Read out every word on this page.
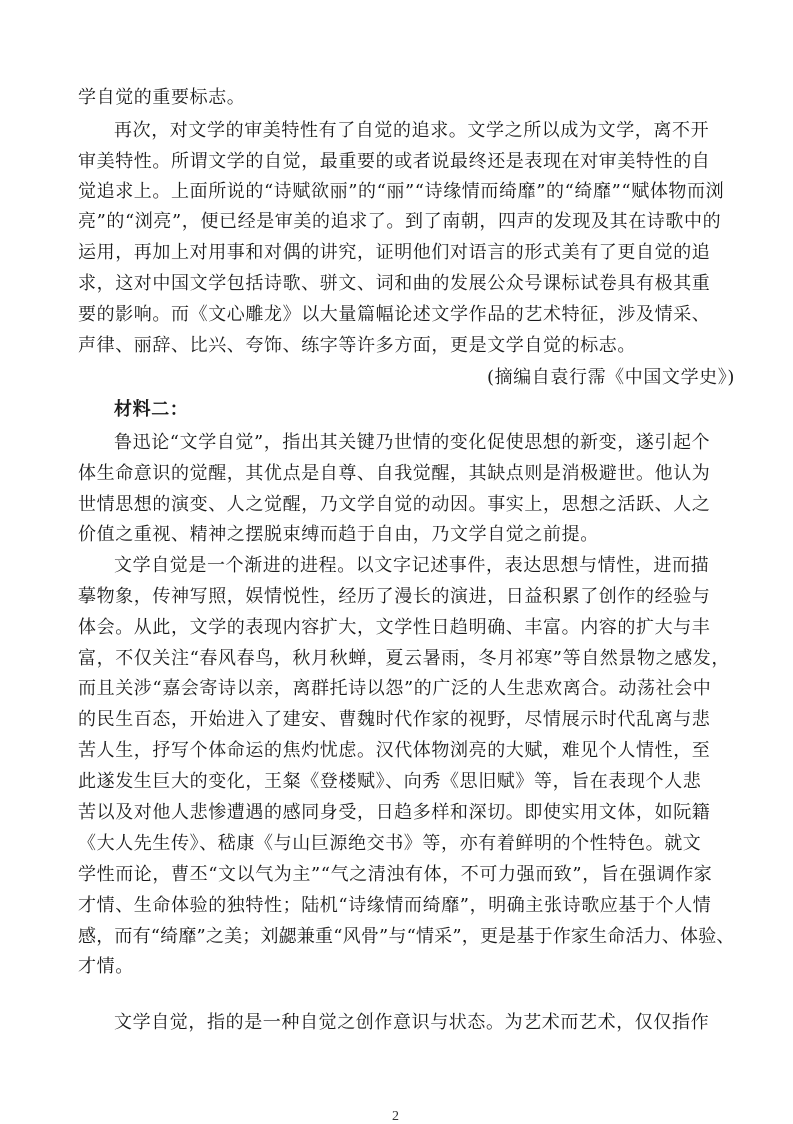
学自觉的重要标志。
再次，对文学的审美特性有了自觉的追求。文学之所以成为文学，离不开
审美特性。所谓文学的自觉，最重要的或者说最终还是表现在对审美特性的自
觉追求上。上面所说的“诗赋欲丽”的“丽”“诗缘情而绮靡”的“绮靡”“赋体物而浏
亮”的“浏亮”，便已经是审美的追求了。到了南朝，四声的发现及其在诗歌中的
运用，再加上对用事和对偶的讲究，证明他们对语言的形式美有了更自觉的追
求，这对中国文学包括诗歌、骈文、词和曲的发展公众号课标试卷具有极其重
要的影响。而《文心雕龙》以大量篇幅论述文学作品的艺术特征，涉及情采、
声律、丽辞、比兴、夸饰、练字等许多方面，更是文学自觉的标志。
(摘编自袁行霈《中国文学史》)
材料二：
鲁迅论“文学自觉”，指出其关键乃世情的变化促使思想的新变，遂引起个
体生命意识的觉醒，其优点是自尊、自我觉醒，其缺点则是消极避世。他认为
世情思想的演变、人之觉醒，乃文学自觉的动因。事实上，思想之活跃、人之
价值之重视、精神之摆脱束缚而趋于自由，乃文学自觉之前提。
文学自觉是一个渐进的进程。以文字记述事件，表达思想与情性，进而描
摹物象，传神写照，娱情悦性，经历了漫长的演进，日益积累了创作的经验与
体会。从此，文学的表现内容扩大，文学性日趋明确、丰富。内容的扩大与丰
富，不仅关注“春风春鸟，秋月秋蝉，夏云暑雨，冬月祁寒”等自然景物之感发，
而且关涉“嘉会寄诗以亲，离群托诗以怨”的广泛的人生悲欢离合。动荡社会中
的民生百态，开始进入了建安、曹魏时代作家的视野，尽情展示时代乱离与悲
苦人生，抒写个体命运的焦灼忧虑。汉代体物浏亮的大赋，难见个人情性，至
此遂发生巨大的变化，王粲《登楼赋》、向秀《思旧赋》等，旨在表现个人悲
苦以及对他人悲惨遭遇的感同身受，日趋多样和深切。即使实用文体，如阮籍
《大人先生传》、嵇康《与山巨源绝交书》等，亦有着鲜明的个性特色。就文
学性而论，曹丕“文以气为主”“气之清浊有体，不可力强而致”，旨在强调作家
才情、生命体验的独特性；陆机“诗缘情而绮靡”，明确主张诗歌应基于个人情
感，而有“绮靡”之美；刘勰兼重“风骨”与“情采”，更是基于作家生命活力、体验、
才情。
文学自觉，指的是一种自觉之创作意识与状态。为艺术而艺术，仅仅指作
2
